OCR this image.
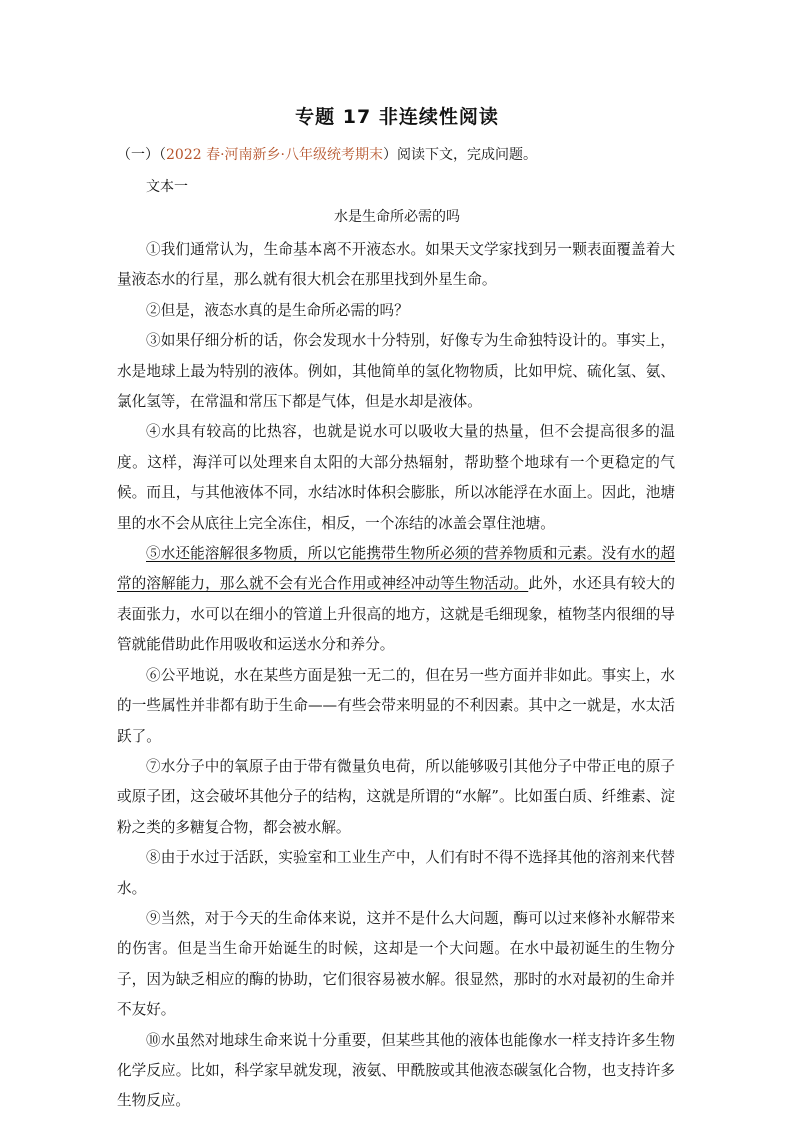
专题 17 非连续性阅读
（一）（2022 春·河南新乡·八年级统考期末）阅读下文，完成问题。
文本一
水是生命所必需的吗

①我们通常认为，生命基本离不开液态水。如果天文学家找到另一颗表面覆盖着大量液态水的行星，那么就有很大机会在那里找到外星生命。

②但是，液态水真的是生命所必需的吗？

③如果仔细分析的话，你会发现水十分特别，好像专为生命独特设计的。事实上，水是地球上最为特别的液体。例如，其他简单的氢化物物质，比如甲烷、硫化氢、氨、氯化氢等，在常温和常压下都是气体，但是水却是液体。

④水具有较高的比热容，也就是说水可以吸收大量的热量，但不会提高很多的温度。这样，海洋可以处理来自太阳的大部分热辐射，帮助整个地球有一个更稳定的气候。而且，与其他液体不同，水结冰时体积会膨胀，所以冰能浮在水面上。因此，池塘里的水不会从底往上完全冻住，相反，一个冻结的冰盖会罩住池塘。

⑤水还能溶解很多物质，所以它能携带生物所必须的营养物质和元素。没有水的超常的溶解能力，那么就不会有光合作用或神经冲动等生物活动。此外，水还具有较大的表面张力，水可以在细小的管道上升很高的地方，这就是毛细现象，植物茎内很细的导管就能借助此作用吸收和运送水分和养分。

⑥公平地说，水在某些方面是独一无二的，但在另一些方面并非如此。事实上，水的一些属性并非都有助于生命——有些会带来明显的不利因素。其中之一就是，水太活跃了。

⑦水分子中的氧原子由于带有微量负电荷，所以能够吸引其他分子中带正电的原子或原子团，这会破坏其他分子的结构，这就是所谓的“水解”。比如蛋白质、纤维素、淀粉之类的多糖复合物，都会被水解。

⑧由于水过于活跃，实验室和工业生产中，人们有时不得不选择其他的溶剂来代替水。

⑨当然，对于今天的生命体来说，这并不是什么大问题，酶可以过来修补水解带来的伤害。但是当生命开始诞生的时候，这却是一个大问题。在水中最初诞生的生物分子，因为缺乏相应的酶的协助，它们很容易被水解。很显然，那时的水对最初的生命并不友好。

⑩水虽然对地球生命来说十分重要，但某些其他的液体也能像水一样支持许多生物化学反应。比如，科学家早就发现，液氨、甲酰胺或其他液态碳氢化合物，也支持许多生物反应。
